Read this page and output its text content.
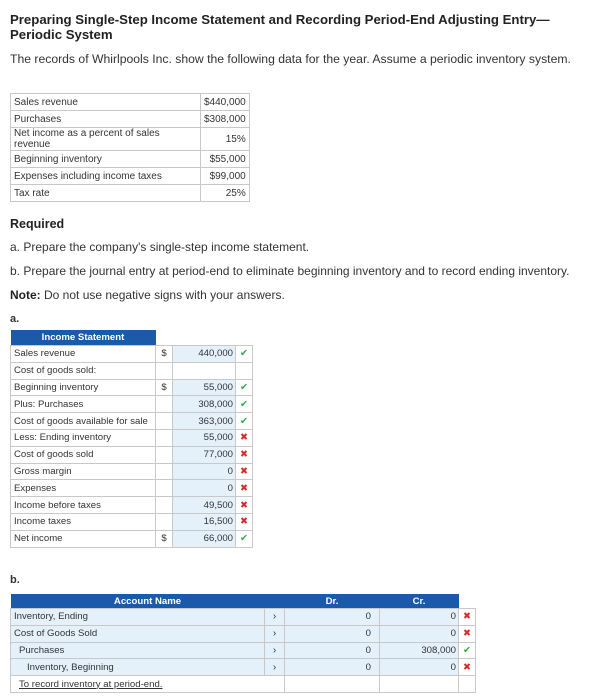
Preparing Single-Step Income Statement and Recording Period-End Adjusting Entry—Periodic System
The records of Whirlpools Inc. show the following data for the year. Assume a periodic inventory system.
Sales revenue	$440,000
Purchases	$308,000
Net income as a percent of sales revenue	15%
Beginning inventory	$55,000
Expenses including income taxes	$99,000
Tax rate	25%
Required
a. Prepare the company's single-step income statement.
b. Prepare the journal entry at period-end to eliminate beginning inventory and to record ending inventory.
Note: Do not use negative signs with your answers.
a.
Income Statement			
Sales revenue	$	440,000	✔
Cost of goods sold:			
Beginning inventory	$	55,000	✔
Plus: Purchases		308,000	✔
Cost of goods available for sale		363,000	✔
Less: Ending inventory		55,000	✖
Cost of goods sold		77,000	✖
Gross margin		0	✖
Expenses		0	✖
Income before taxes		49,500	✖
Income taxes		16,500	✖
Net income	$	66,000	✔
b.
Account Name		Dr.	Cr.	
Inventory, Ending	›	0	0	✖
Cost of Goods Sold	›	0	0	✖
Purchases	›	0	308,000	✔
Inventory, Beginning	›	0	0	✖
To record inventory at period-end.				
